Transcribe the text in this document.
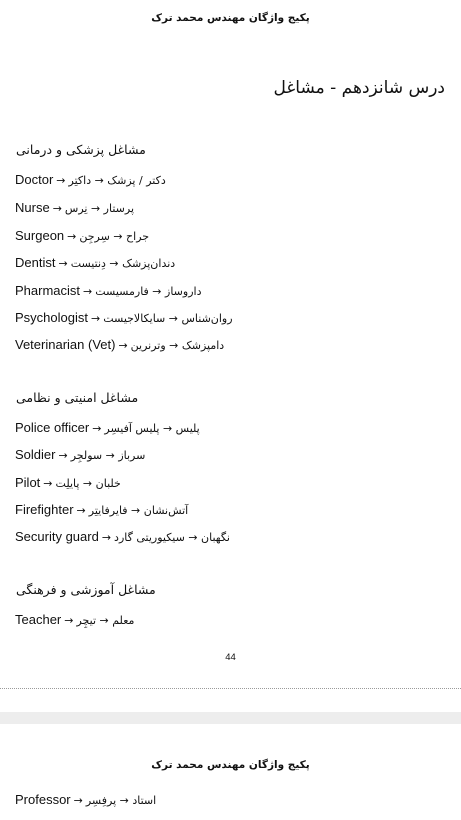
پکیج واژگان مهندس محمد ترک
درس شانزدهم - مشاغل
مشاغل پزشکی و درمانی
Doctor → دکتر / پزشک → داکتِر
Nurse → پرستار → نِرس
Surgeon → جراح → سِرجِن
Dentist → دندان‌پزشک → دِنتیست
Pharmacist → داروساز → فارمسیست
Psychologist → روان‌شناس → سایکالاجیست
Veterinarian (Vet) → دامپزشک → وترنرین
مشاغل امنیتی و نظامی
Police officer → پلیس → پلیس آفیسِر
Soldier → سرباز → سولجِر
Pilot → خلبان → پایلِت
Firefighter → آتش‌نشان → فایرفایتِر
Security guard → نگهبان → سیکیوریتی گارد
مشاغل آموزشی و فرهنگی
Teacher → معلم → تیچِر
44
پکیج واژگان مهندس محمد ترک
Professor → استاد → پرفِسِر
